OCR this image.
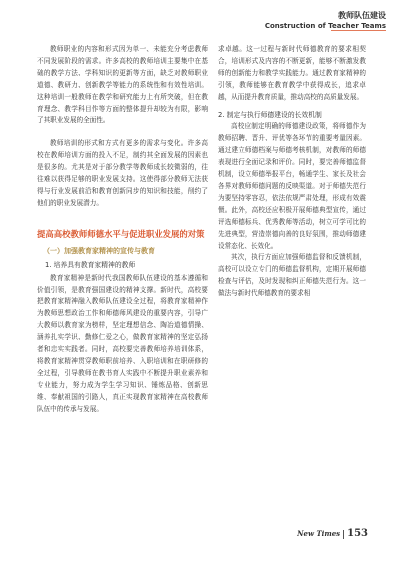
教师队伍建设
Construction of Teacher Teams

教师职业的内容和形式因为单一、未能充分考虑教师不同发展阶段的需求。许多高校的教师培训主要集中在基础的教学方法、学科知识的更新等方面，缺乏对教师职业道德、教研力、创新教学等能力的系统性和有效性培训。这种培训一般教师在教学和研究能力上有所突破，但在教育理念、教学科目作等方面的整体提升却较为有限，影响了其职业发展的全面性。

教师培训的形式和方式有更多的需求与变化。许多高校在教师培训方面的投入不足，制约其全面发展的因素也是很多的。尤其是对于部分教学等教师成长较微弱的，往往难以获得足够的职业发展支持。这使得部分教师无法获得与行业发展前沿和教育创新同步的知识和技能，削约了他们的职业发展潜力。

提高高校教师师德水平与促进职业发展的对策
（一）加强教育家精神的宣传与教育
1. 培养具有教育家精神的教师

教育家精神是新时代我国教师队伍建设的基本遵循和价值引领，是教育强国建设的精神支撑。新时代，高校要把教育家精神融入教师队伍建设全过程，将教育家精神作为教师思想政治工作和师德师风建设的重要内容，引导广大教师以教育家为榜样，坚定理想信念、陶冶道德情操、涵养扎实学识、勤修仁爱之心，做教育家精神的坚定弘扬者和忠实实践者。同时，高校要完善教师培养培训体系，将教育家精神贯穿教师职前培养、入职培训和在职研修的全过程，引导教师在教书育人实践中不断提升职业素养和专业能力，努力成为学生学习知识、锤炼品格、创新思维、奉献祖国的引路人，真正实现教育家精神在高校教师队伍中的传承与发展。

求卓越。这一过程与新时代师德教育的要求相契合，培训形式及内容的不断更新，能够不断激发教师的创新能力和教学实践能力。通过教育家精神的引领，教师能够在教育教学中获得成长，追求卓越，从而提升教育质量，推动高校的高质量发展。

2. 制定与执行师德建设的长效机制

高校应制定明确的师德建设政策，将师德作为教师招聘、晋升、评优等各环节的重要考量因素。通过建立师德档案与师德考核机制，对教师的师德表现进行全面记录和评价。同时，要完善师德监督机制，设立师德举报平台，畅通学生、家长及社会各界对教师师德问题的反映渠道。对于师德失范行为要坚持零容忍，依法依规严肃处理，形成有效震慑。此外，高校还应积极开展师德典型宣传，通过评选师德标兵、优秀教师等活动，树立可学可比的先进典型，营造崇德向善的良好氛围，推动师德建设常态化、长效化。

其次，执行方面应加强师德监督和反馈机制，高校可以设立专门的师德监督机构，定期开展师德检查与评估，及时发现和纠正师德失范行为。这一做法与新时代师德教育的要求相

New Times 153
